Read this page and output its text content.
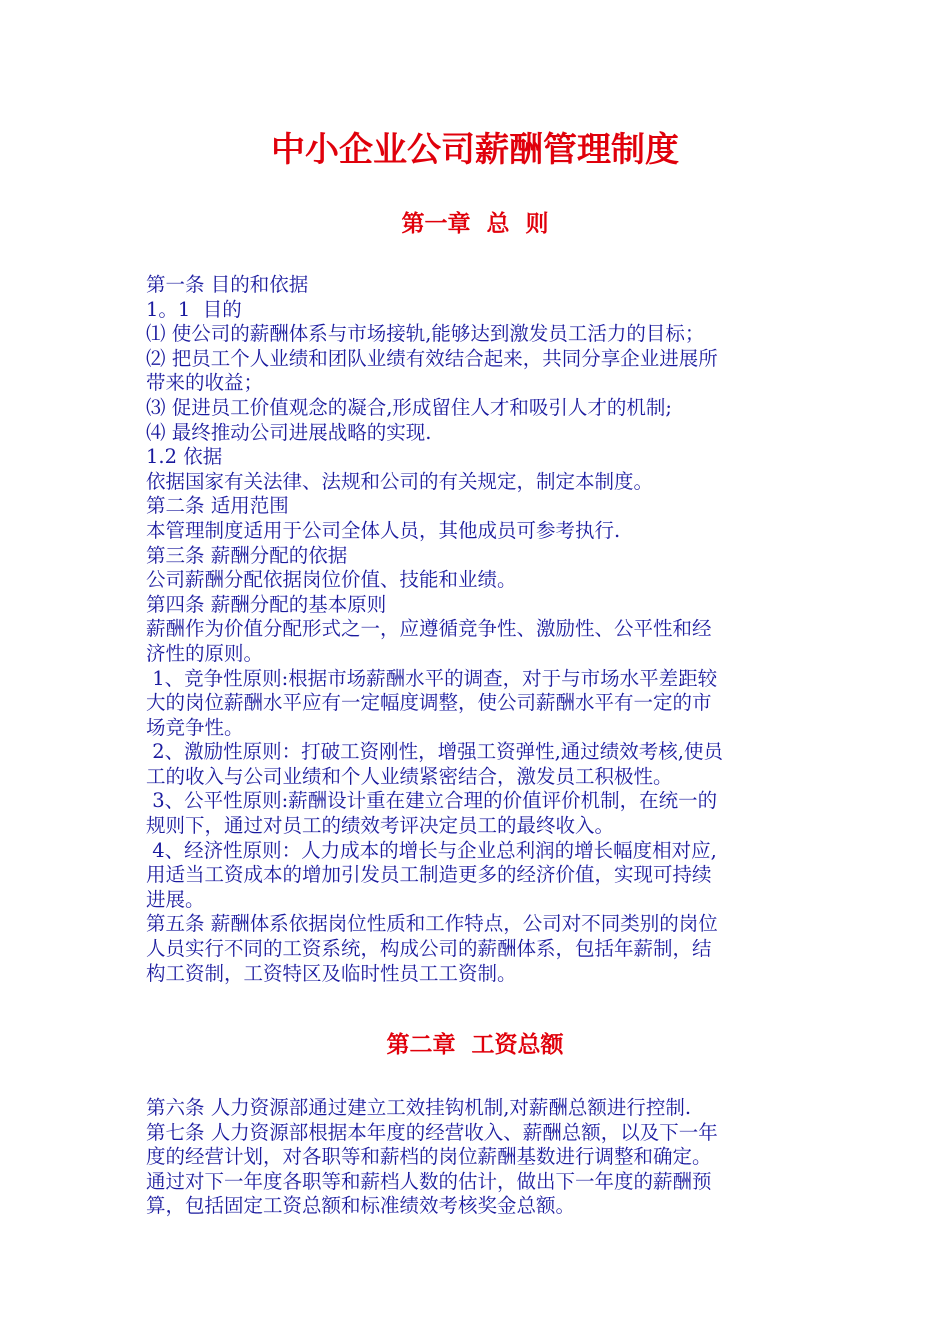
中小企业公司薪酬管理制度
第一章  总  则
第一条 目的和依据
1。1  目的
⑴ 使公司的薪酬体系与市场接轨,能够达到激发员工活力的目标；
⑵ 把员工个人业绩和团队业绩有效结合起来，共同分享企业进展所
带来的收益；
⑶ 促进员工价值观念的凝合,形成留住人才和吸引人才的机制;
⑷ 最终推动公司进展战略的实现.
1.2 依据
依据国家有关法律、法规和公司的有关规定，制定本制度。
第二条 适用范围
本管理制度适用于公司全体人员，其他成员可参考执行.
第三条 薪酬分配的依据
公司薪酬分配依据岗位价值、技能和业绩。
第四条 薪酬分配的基本原则
薪酬作为价值分配形式之一，应遵循竞争性、激励性、公平性和经
济性的原则。
1、竞争性原则:根据市场薪酬水平的调查，对于与市场水平差距较
大的岗位薪酬水平应有一定幅度调整，使公司薪酬水平有一定的市
场竞争性。
2、激励性原则：打破工资刚性，增强工资弹性,通过绩效考核,使员
工的收入与公司业绩和个人业绩紧密结合，激发员工积极性。
3、公平性原则:薪酬设计重在建立合理的价值评价机制，在统一的
规则下，通过对员工的绩效考评决定员工的最终收入。
4、经济性原则：人力成本的增长与企业总利润的增长幅度相对应,
用适当工资成本的增加引发员工制造更多的经济价值，实现可持续
进展。
第五条 薪酬体系依据岗位性质和工作特点，公司对不同类别的岗位
人员实行不同的工资系统，构成公司的薪酬体系，包括年薪制，结
构工资制，工资特区及临时性员工工资制。
第二章  工资总额
第六条 人力资源部通过建立工效挂钩机制,对薪酬总额进行控制.
第七条 人力资源部根据本年度的经营收入、薪酬总额，以及下一年
度的经营计划，对各职等和薪档的岗位薪酬基数进行调整和确定。
通过对下一年度各职等和薪档人数的估计，做出下一年度的薪酬预
算，包括固定工资总额和标准绩效考核奖金总额。
